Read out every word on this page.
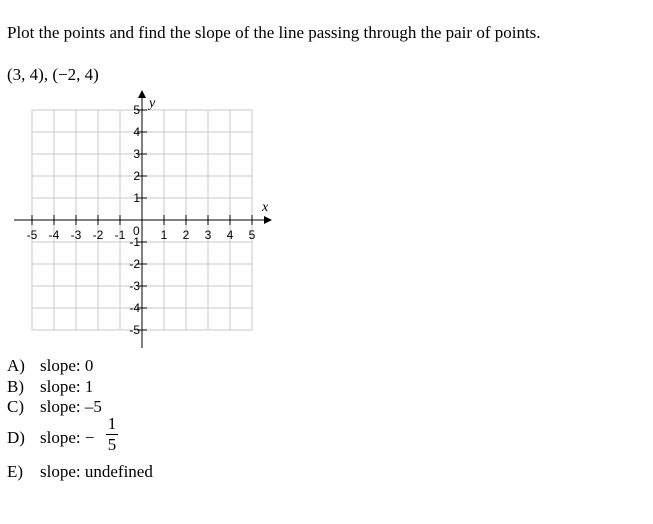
Plot the points and find the slope of the line passing through the pair of points.
(3, 4), (−2, 4)
-5 -4 -3 -2 -1	1 2 3 4 5
5
4
3
2
1
-1
-2
-3
-4
-5
x
y
0
A) slope: 0
B) slope: 1
C) slope: –5
D) slope: −
1
5
E) slope: undefined
